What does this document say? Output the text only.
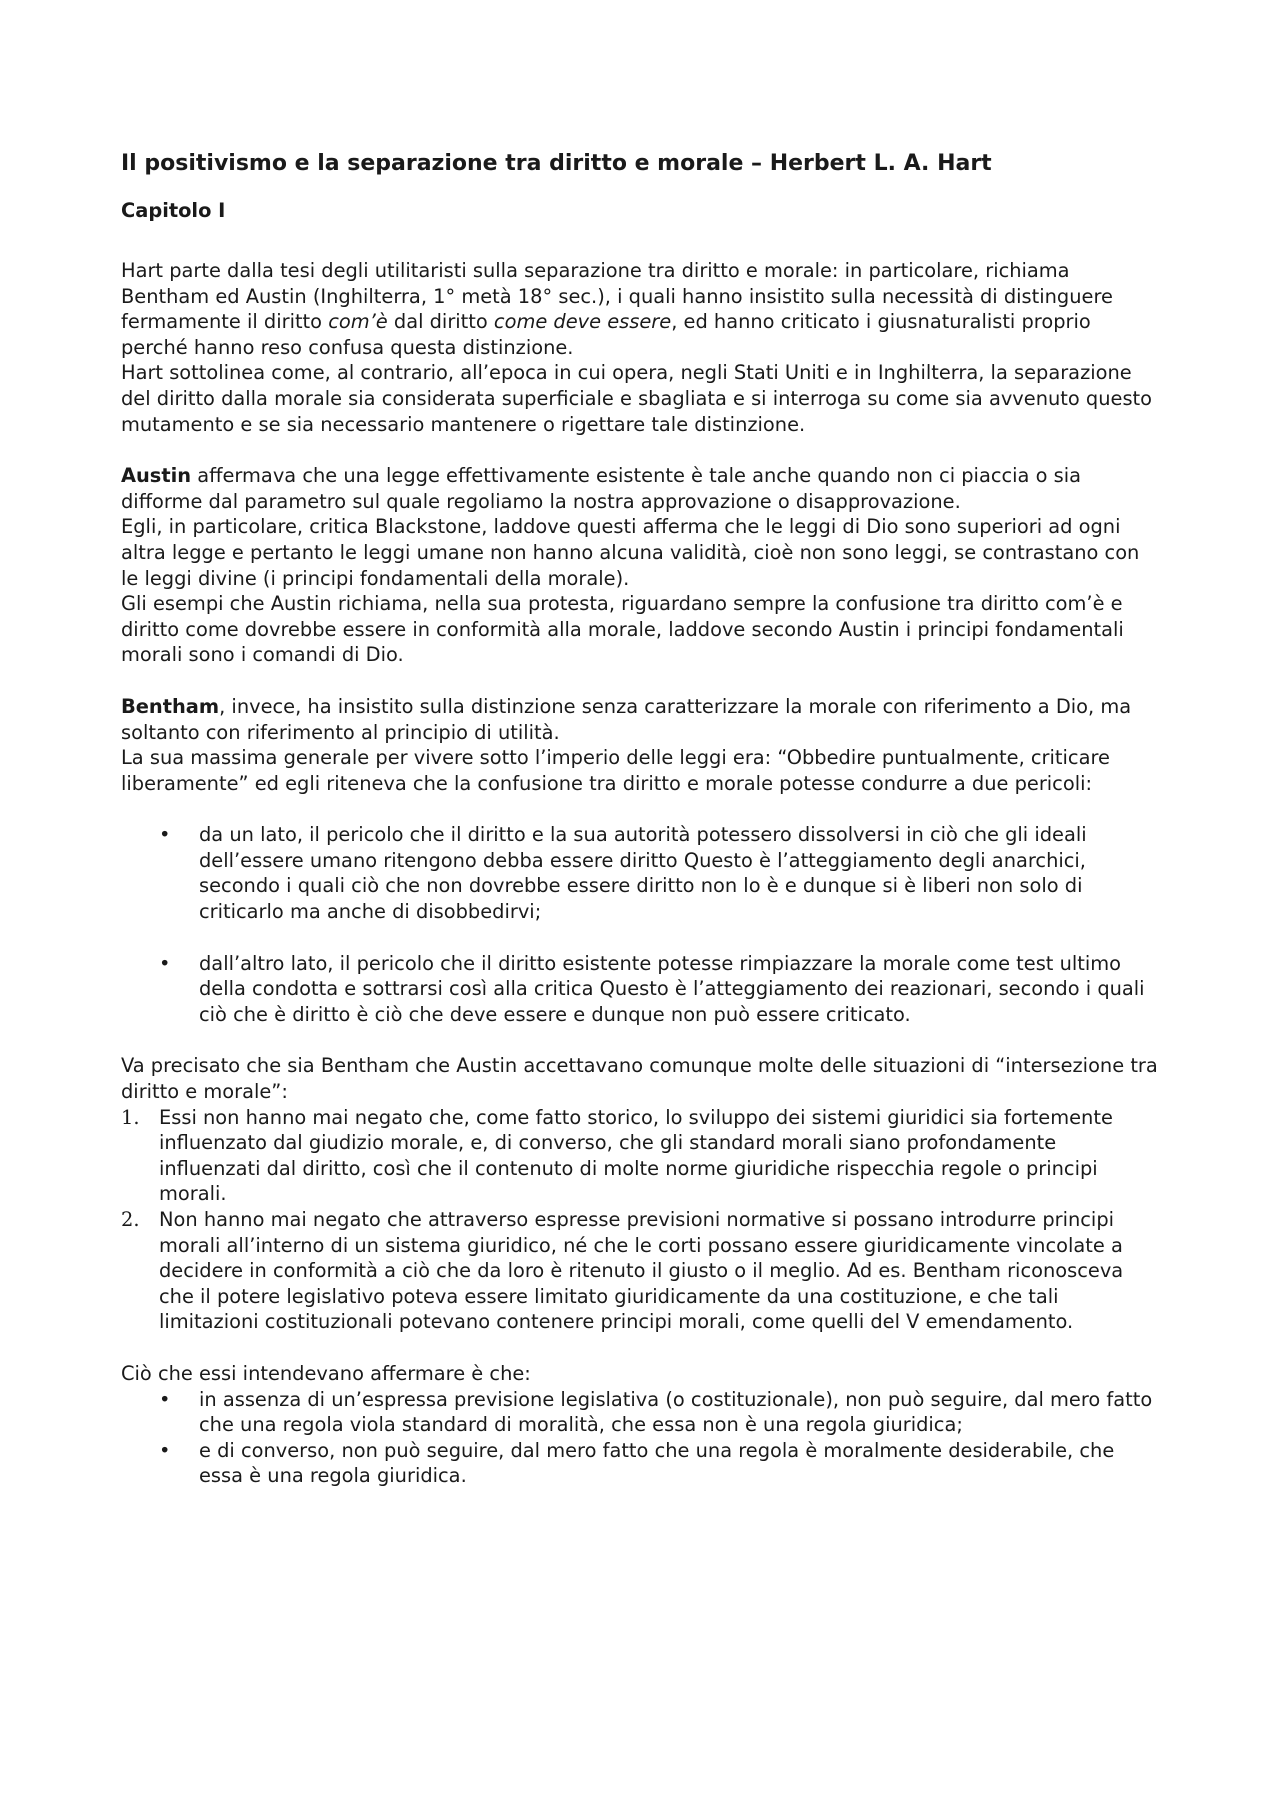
Il positivismo e la separazione tra diritto e morale – Herbert L. A. Hart
Capitolo I

Hart parte dalla tesi degli utilitaristi sulla separazione tra diritto e morale: in particolare, richiama Bentham ed Austin (Inghilterra, 1° metà 18° sec.), i quali hanno insistito sulla necessità di distinguere fermamente il diritto com’è dal diritto come deve essere, ed hanno criticato i giusnaturalisti proprio perché hanno reso confusa questa distinzione.

Hart sottolinea come, al contrario, all’epoca in cui opera, negli Stati Uniti e in Inghilterra, la separazione del diritto dalla morale sia considerata superficiale e sbagliata e si interroga su come sia avvenuto questo mutamento e se sia necessario mantenere o rigettare tale distinzione.

Austin affermava che una legge effettivamente esistente è tale anche quando non ci piaccia o sia difforme dal parametro sul quale regoliamo la nostra approvazione o disapprovazione.

Egli, in particolare, critica Blackstone, laddove questi afferma che le leggi di Dio sono superiori ad ogni altra legge e pertanto le leggi umane non hanno alcuna validità, cioè non sono leggi, se contrastano con le leggi divine (i principi fondamentali della morale).

Gli esempi che Austin richiama, nella sua protesta, riguardano sempre la confusione tra diritto com’è e diritto come dovrebbe essere in conformità alla morale, laddove secondo Austin i principi fondamentali morali sono i comandi di Dio.

Bentham, invece, ha insistito sulla distinzione senza caratterizzare la morale con riferimento a Dio, ma soltanto con riferimento al principio di utilità.

La sua massima generale per vivere sotto l’imperio delle leggi era: “Obbedire puntualmente, criticare liberamente” ed egli riteneva che la confusione tra diritto e morale potesse condurre a due pericoli:

• da un lato, il pericolo che il diritto e la sua autorità potessero dissolversi in ciò che gli ideali dell’essere umano ritengono debba essere diritto Questo è l’atteggiamento degli anarchici, secondo i quali ciò che non dovrebbe essere diritto non lo è e dunque si è liberi non solo di criticarlo ma anche di disobbedirvi;
• dall’altro lato, il pericolo che il diritto esistente potesse rimpiazzare la morale come test ultimo della condotta e sottrarsi così alla critica Questo è l’atteggiamento dei reazionari, secondo i quali ciò che è diritto è ciò che deve essere e dunque non può essere criticato.

Va precisato che sia Bentham che Austin accettavano comunque molte delle situazioni di “intersezione tra diritto e morale”:

1. Essi non hanno mai negato che, come fatto storico, lo sviluppo dei sistemi giuridici sia fortemente influenzato dal giudizio morale, e, di converso, che gli standard morali siano profondamente influenzati dal diritto, così che il contenuto di molte norme giuridiche rispecchia regole o principi morali.
2. Non hanno mai negato che attraverso espresse previsioni normative si possano introdurre principi morali all’interno di un sistema giuridico, né che le corti possano essere giuridicamente vincolate a decidere in conformità a ciò che da loro è ritenuto il giusto o il meglio. Ad es. Bentham riconosceva che il potere legislativo poteva essere limitato giuridicamente da una costituzione, e che tali limitazioni costituzionali potevano contenere principi morali, come quelli del V emendamento.

Ciò che essi intendevano affermare è che:

• in assenza di un’espressa previsione legislativa (o costituzionale), non può seguire, dal mero fatto che una regola viola standard di moralità, che essa non è una regola giuridica;
• e di converso, non può seguire, dal mero fatto che una regola è moralmente desiderabile, che essa è una regola giuridica.
